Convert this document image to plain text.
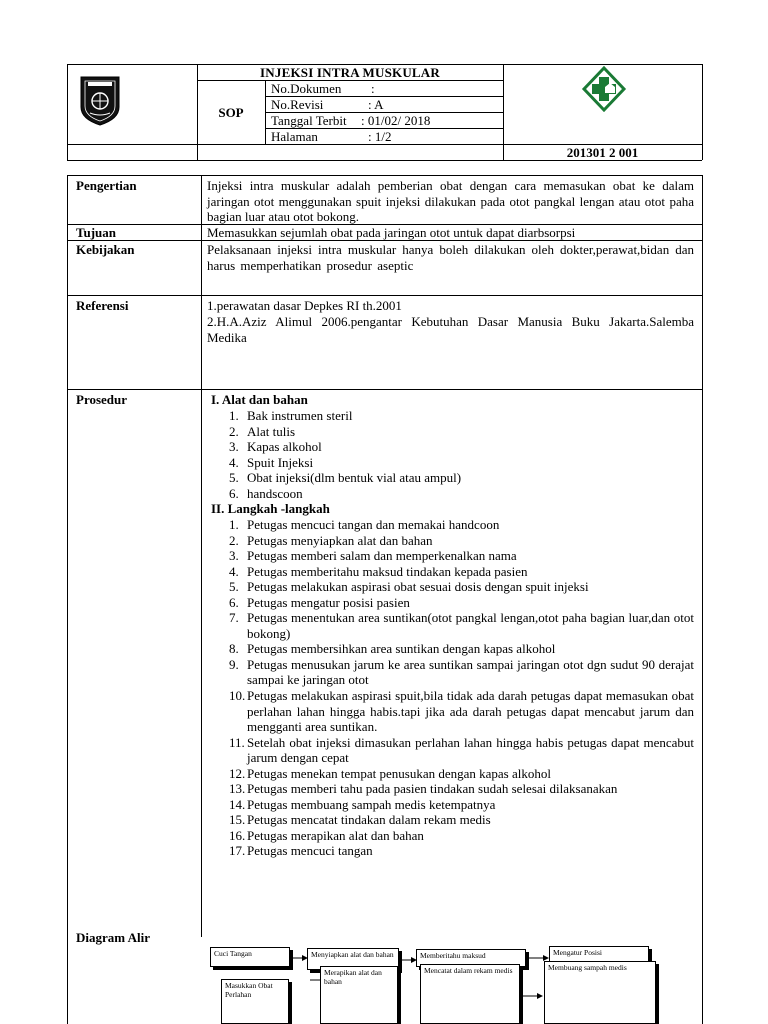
INJEKSI INTRA MUSKULAR
SOP
No.Dokumen :
No.Revisi	: A
Tanggal Terbit : 01/02/ 2018
Halaman	: 1/2
201301 2 001
Pengertian	Injeksi intra muskular adalah pemberian obat dengan cara memasukan obat ke dalam jaringan otot menggunakan spuit injeksi dilakukan pada otot pangkal lengan atau otot paha bagian luar atau otot bokong.
Tujuan	Memasukkan sejumlah obat pada jaringan otot untuk dapat diarbsorpsi
Kebijakan	Pelaksanaan injeksi intra muskular hanya boleh dilakukan oleh dokter,perawat,bidan dan harus memperhatikan prosedur aseptic
Referensi	1.perawatan dasar Depkes RI th.2001
2.H.A.Aziz Alimul 2006.pengantar Kebutuhan Dasar Manusia Buku Jakarta.Salemba Medika
Prosedur	I. Alat dan bahan
1. Bak instrumen steril
2. Alat tulis
3. Kapas alkohol
4. Spuit Injeksi
5. Obat injeksi(dlm bentuk vial atau ampul)
6. handscoon
II. Langkah -langkah
1. Petugas mencuci tangan dan memakai handcoon
2. Petugas menyiapkan alat dan bahan
3. Petugas memberi salam dan memperkenalkan nama
4. Petugas memberitahu maksud tindakan kepada pasien
5. Petugas melakukan aspirasi obat sesuai dosis dengan spuit injeksi
6. Petugas mengatur posisi pasien
7. Petugas menentukan area suntikan(otot pangkal lengan,otot paha bagian luar,dan otot bokong)
8. Petugas membersihkan area suntikan dengan kapas alkohol
9. Petugas menusukan jarum ke area suntikan sampai jaringan otot dgn sudut 90 derajat sampai ke jaringan otot
10. Petugas melakukan aspirasi spuit,bila tidak ada darah petugas dapat memasukan obat perlahan lahan hingga habis.tapi jika ada darah petugas dapat mencabut jarum dan mengganti area suntikan.
11. Setelah obat injeksi dimasukan perlahan lahan hingga habis petugas dapat mencabut jarum dengan cepat
12. Petugas menekan tempat penusukan dengan kapas alkohol
13. Petugas memberi tahu pada pasien tindakan sudah selesai dilaksanakan
14. Petugas membuang sampah medis ketempatnya
15. Petugas mencatat tindakan dalam rekam medis
16. Petugas merapikan alat dan bahan
17. Petugas mencuci tangan
Diagram Alir
Cuci Tangan	Menyiapkan alat dan bahan	Memberitahu maksud	Mengatur Posisi
Masukkan Obat Perlahan
Merapikan alat dan bahan
Mencatat dalam rekam medis	Membuang sampah medis
